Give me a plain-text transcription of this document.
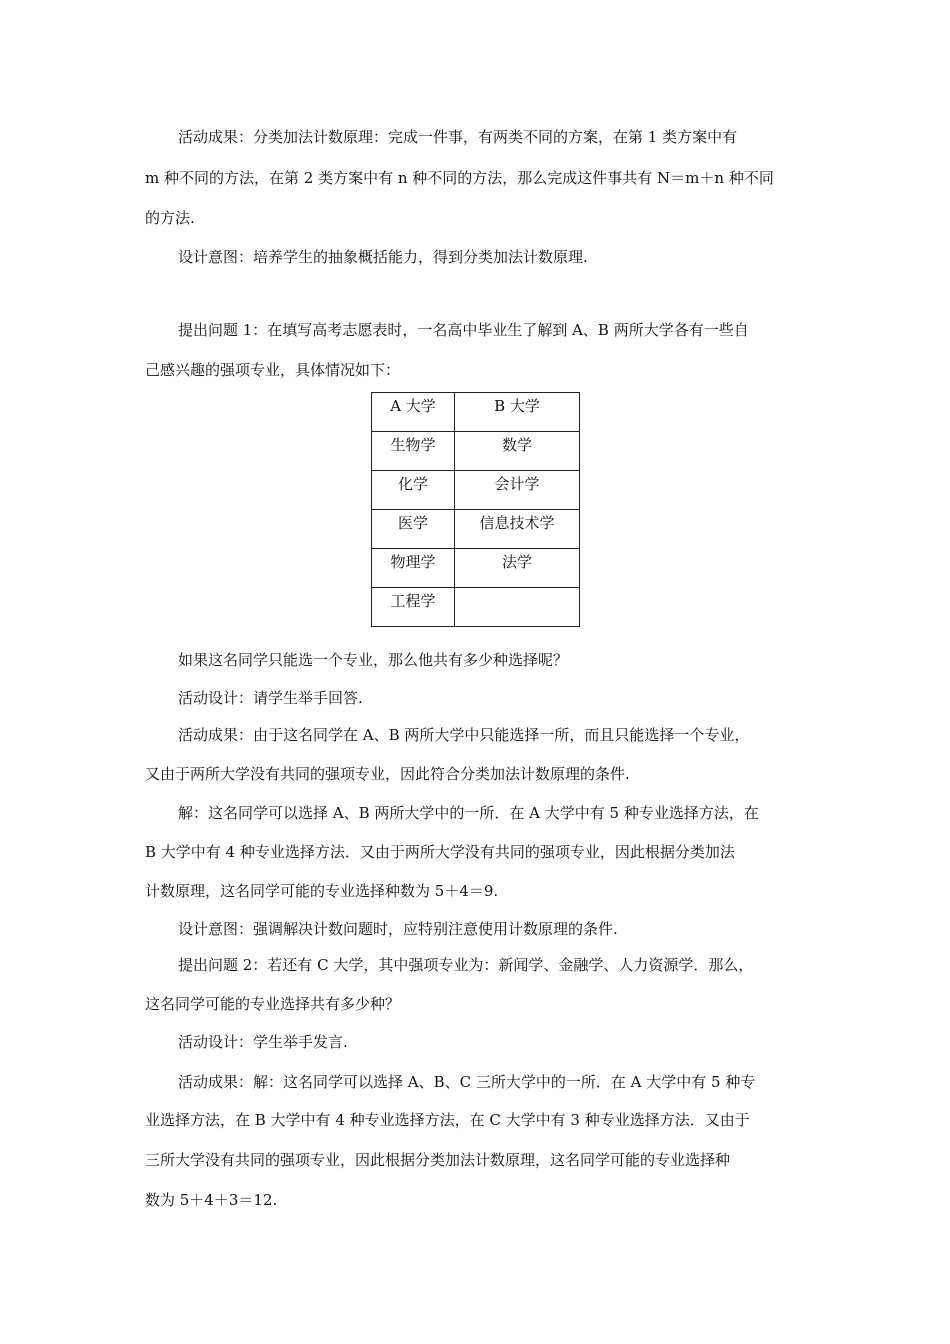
活动成果：分类加法计数原理：完成一件事，有两类不同的方案，在第 1 类方案中有

m 种不同的方法，在第 2 类方案中有 n 种不同的方法，那么完成这件事共有 N＝m＋n 种不同

的方法.

设计意图：培养学生的抽象概括能力，得到分类加法计数原理.

提出问题 1：在填写高考志愿表时，一名高中毕业生了解到 A、B 两所大学各有一些自

己感兴趣的强项专业，具体情况如下：

A 大学	B 大学
生物学	数学
化学	会计学
医学	信息技术学
物理学	法学
工程学	

如果这名同学只能选一个专业，那么他共有多少种选择呢？

活动设计：请学生举手回答.

活动成果：由于这名同学在 A、B 两所大学中只能选择一所，而且只能选择一个专业，

又由于两所大学没有共同的强项专业，因此符合分类加法计数原理的条件.

解：这名同学可以选择 A、B 两所大学中的一所．在 A 大学中有 5 种专业选择方法，在

B 大学中有 4 种专业选择方法．又由于两所大学没有共同的强项专业，因此根据分类加法

计数原理，这名同学可能的专业选择种数为 5＋4＝9.

设计意图：强调解决计数问题时，应特别注意使用计数原理的条件.

提出问题 2：若还有 C 大学，其中强项专业为：新闻学、金融学、人力资源学．那么，

这名同学可能的专业选择共有多少种？

活动设计：学生举手发言.

活动成果：解：这名同学可以选择 A、B、C 三所大学中的一所．在 A 大学中有 5 种专

业选择方法，在 B 大学中有 4 种专业选择方法，在 C 大学中有 3 种专业选择方法．又由于

三所大学没有共同的强项专业，因此根据分类加法计数原理，这名同学可能的专业选择种

数为 5＋4＋3＝12.
